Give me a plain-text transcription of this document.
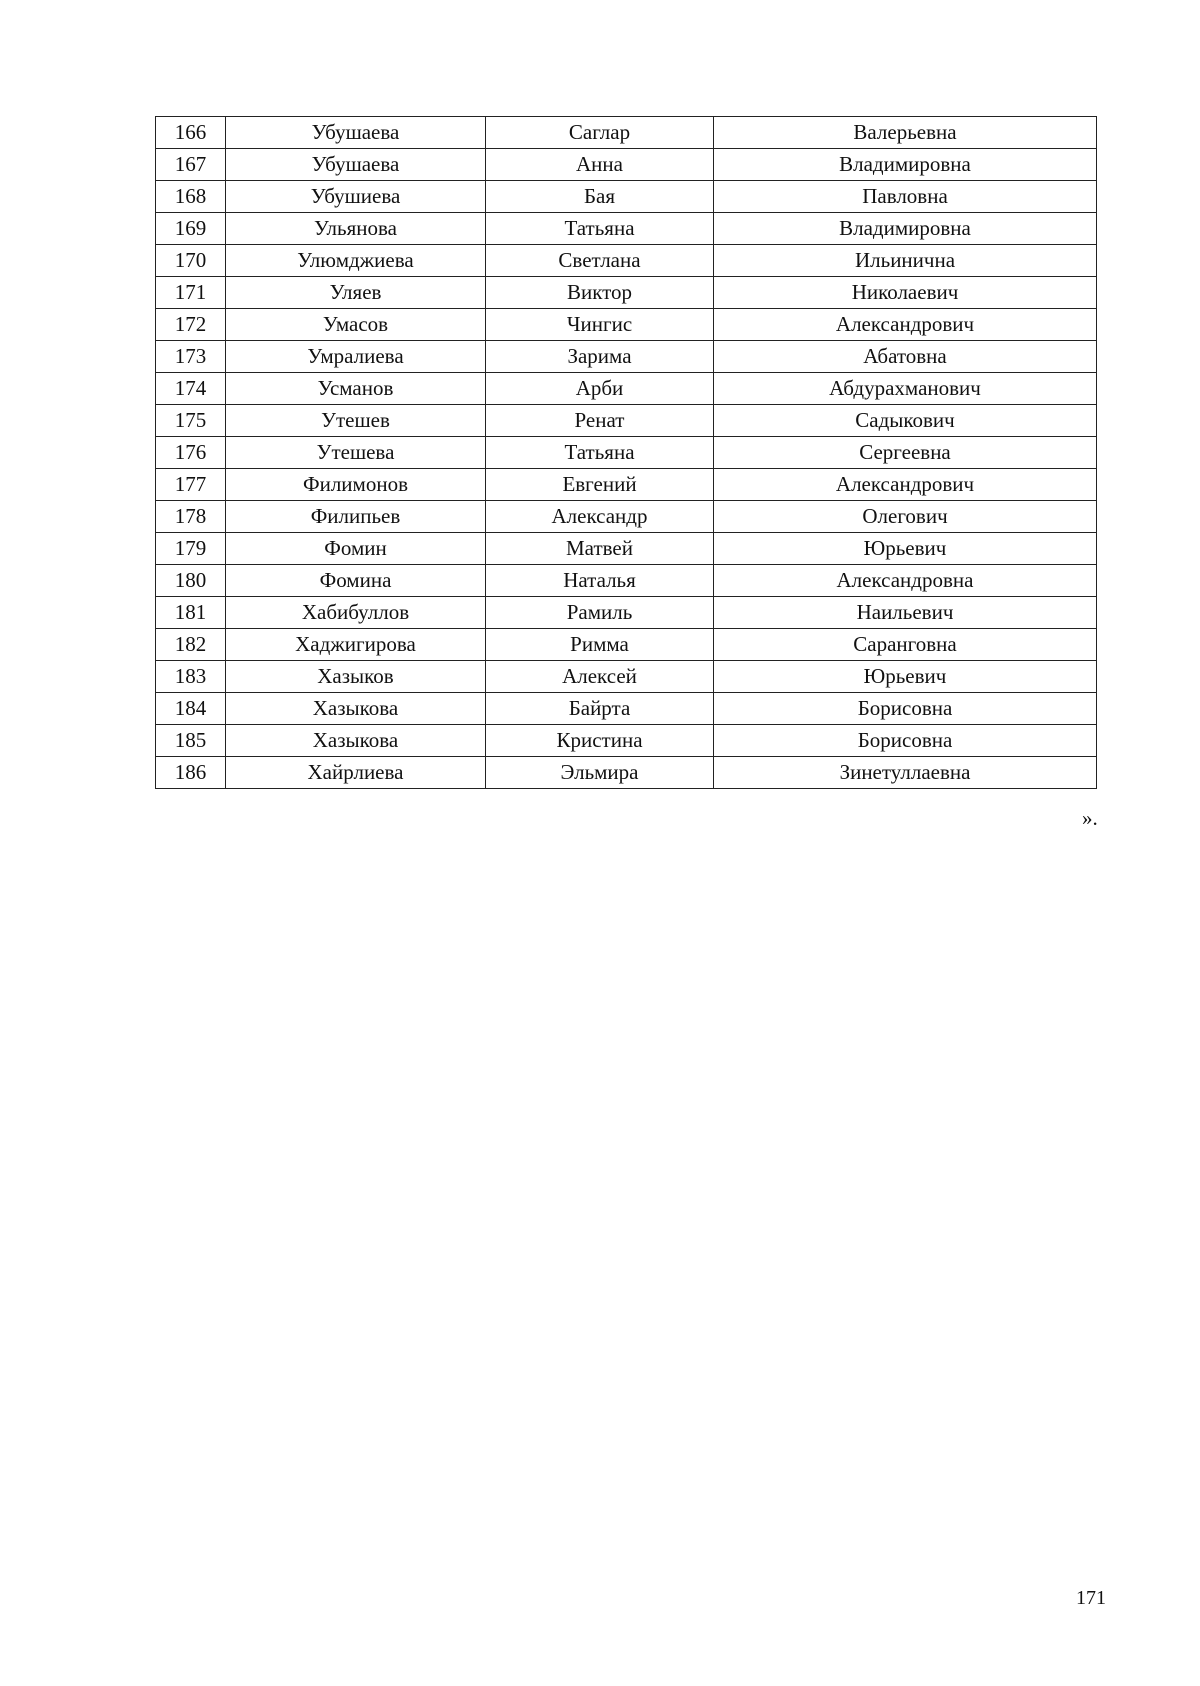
166	Убушаева	Саглар	Валерьевна
167	Убушаева	Анна	Владимировна
168	Убушиева	Бая	Павловна
169	Ульянова	Татьяна	Владимировна
170	Улюмджиева	Светлана	Ильинична
171	Уляев	Виктор	Николаевич
172	Умасов	Чингис	Александрович
173	Умралиева	Зарима	Абатовна
174	Усманов	Арби	Абдурахманович
175	Утешев	Ренат	Садыкович
176	Утешева	Татьяна	Сергеевна
177	Филимонов	Евгений	Александрович
178	Филипьев	Александр	Олегович
179	Фомин	Матвей	Юрьевич
180	Фомина	Наталья	Александровна
181	Хабибуллов	Рамиль	Наильевич
182	Хаджигирова	Римма	Саранговна
183	Хазыков	Алексей	Юрьевич
184	Хазыкова	Байрта	Борисовна
185	Хазыкова	Кристина	Борисовна
186	Хайрлиева	Эльмира	Зинетуллаевна
».
171
